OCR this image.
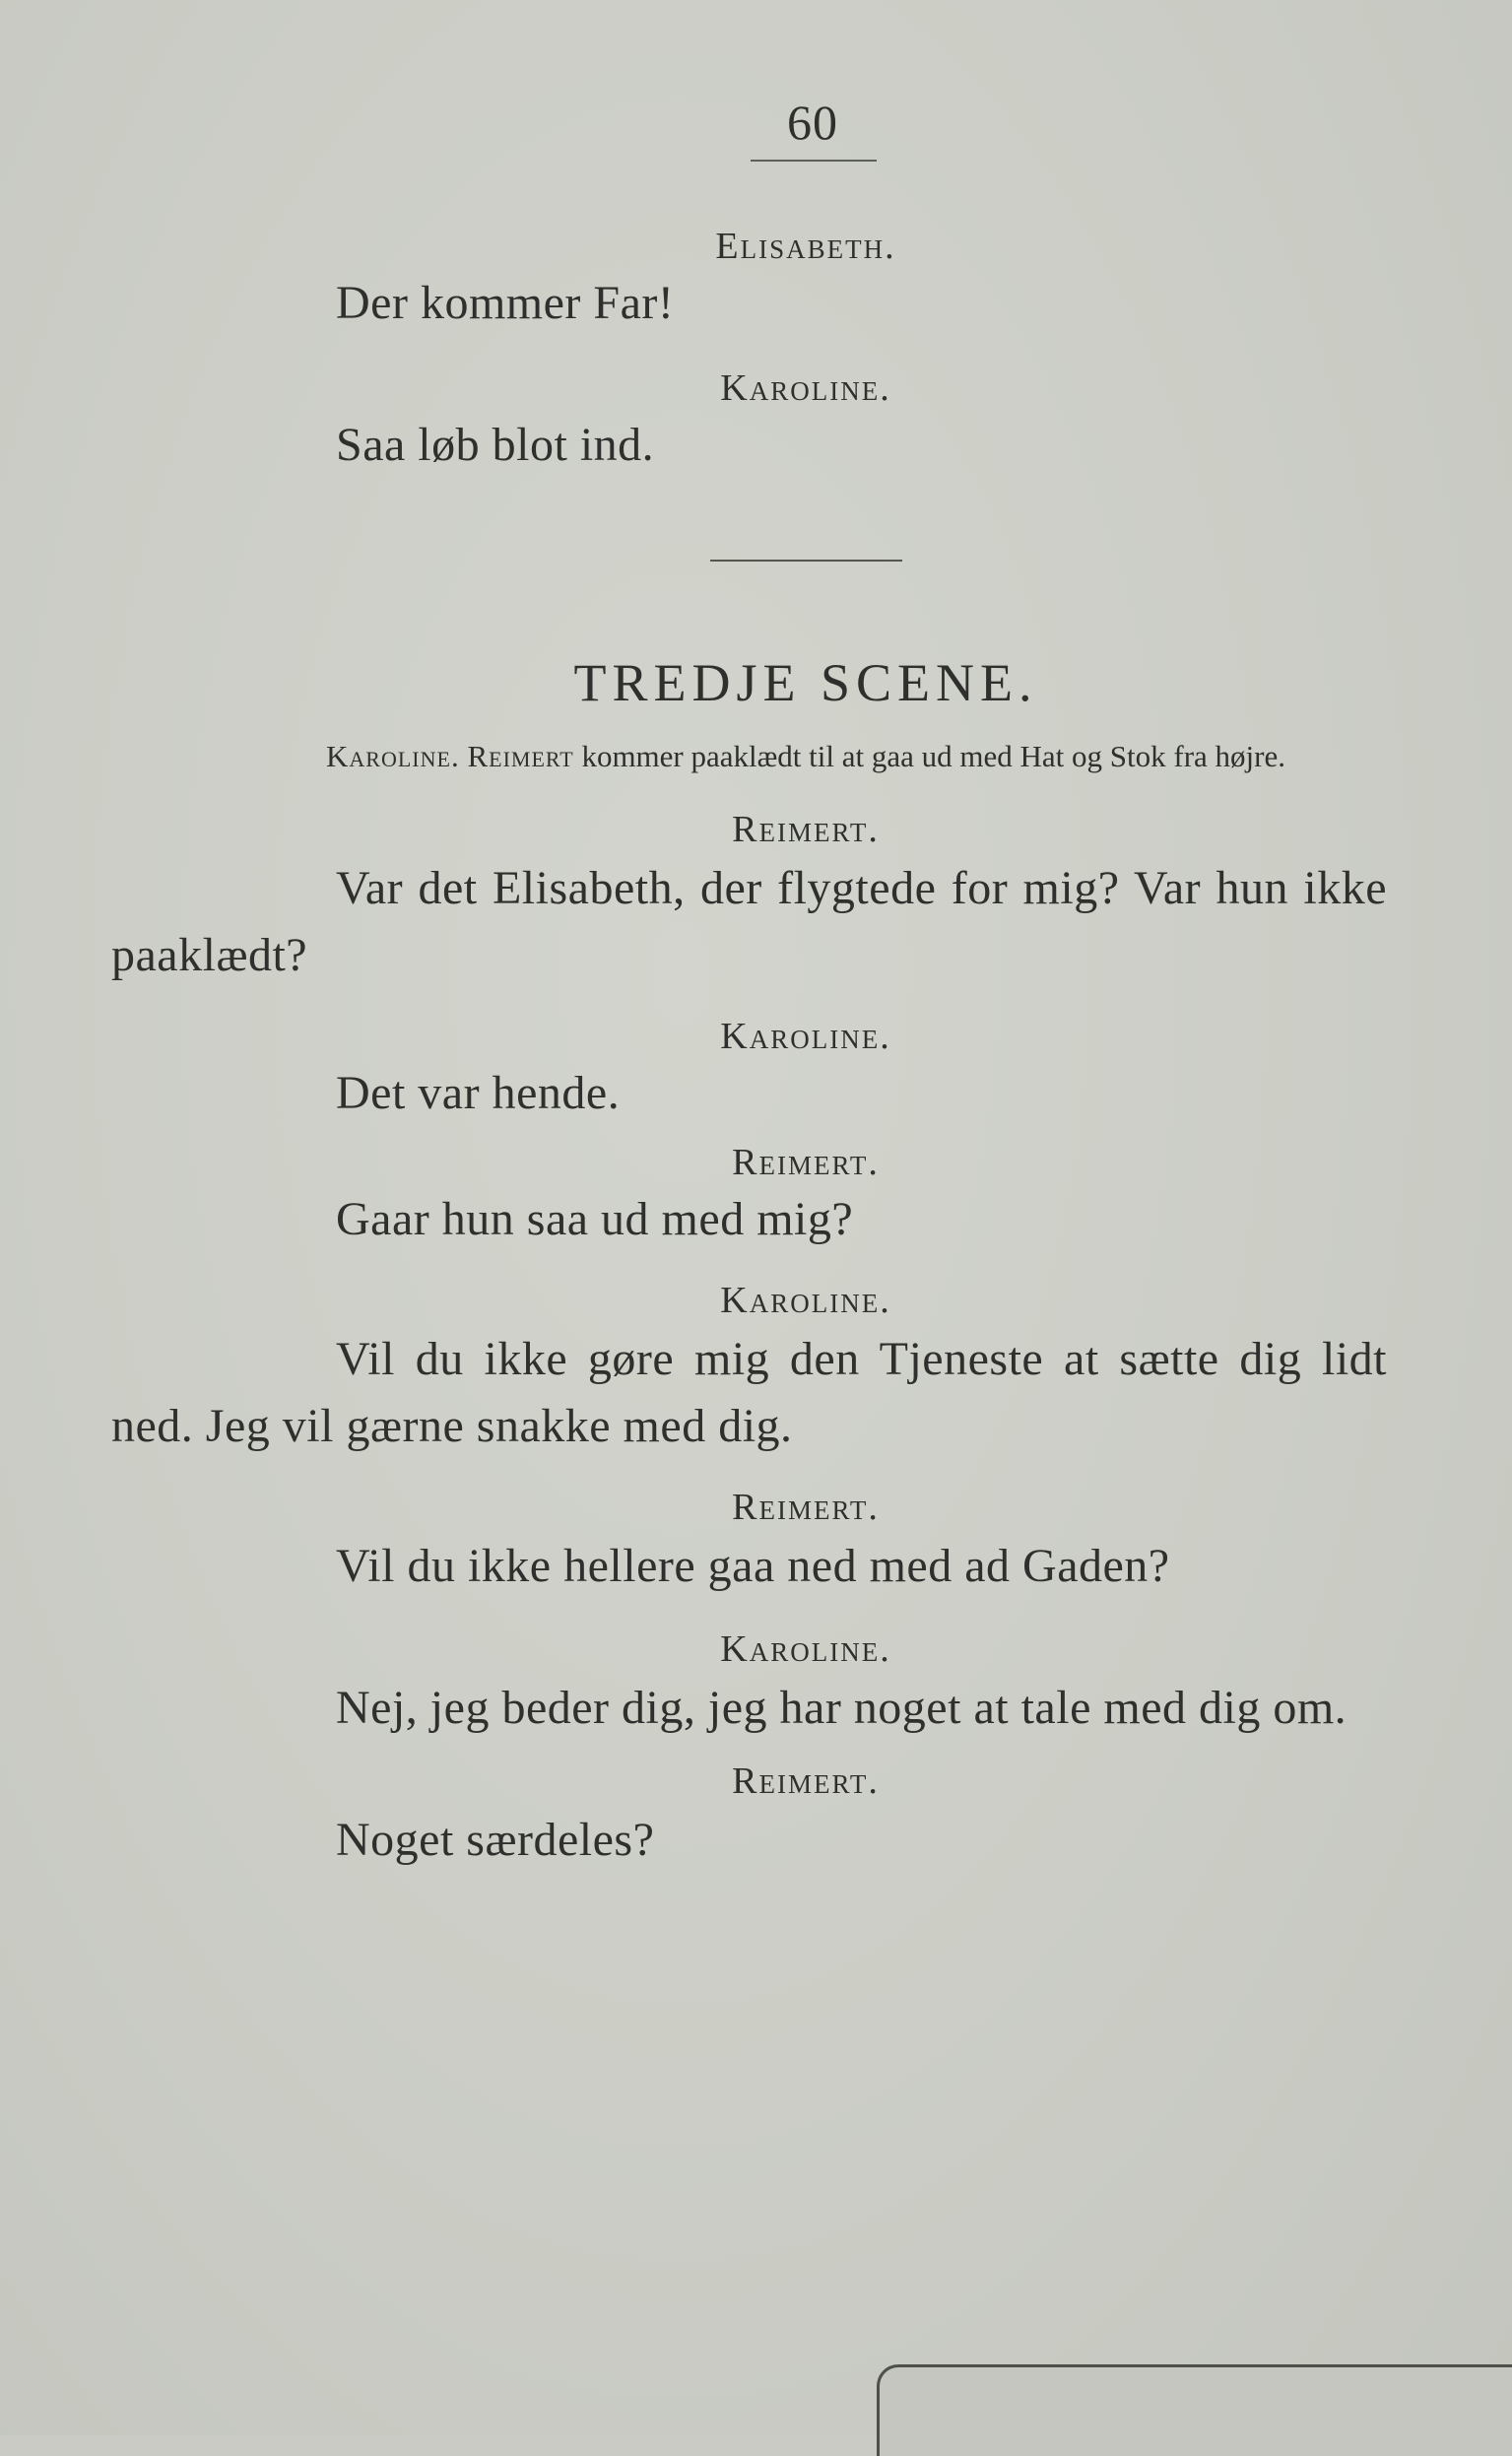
60

Elisabeth.

Der kommer Far!

Karoline.

Saa løb blot ind.

TREDJE SCENE.

Karoline. Reimert kommer paaklædt til at gaa ud med Hat og Stok fra højre.

Reimert.

Var det Elisabeth, der flygtede for mig? Var hun ikke paaklædt?

Karoline.

Det var hende.

Reimert.

Gaar hun saa ud med mig?

Karoline.

Vil du ikke gøre mig den Tjeneste at sætte dig lidt ned. Jeg vil gærne snakke med dig.

Reimert.

Vil du ikke hellere gaa ned med ad Gaden?

Karoline.

Nej, jeg beder dig, jeg har noget at tale med dig om.

Reimert.

Noget særdeles?
